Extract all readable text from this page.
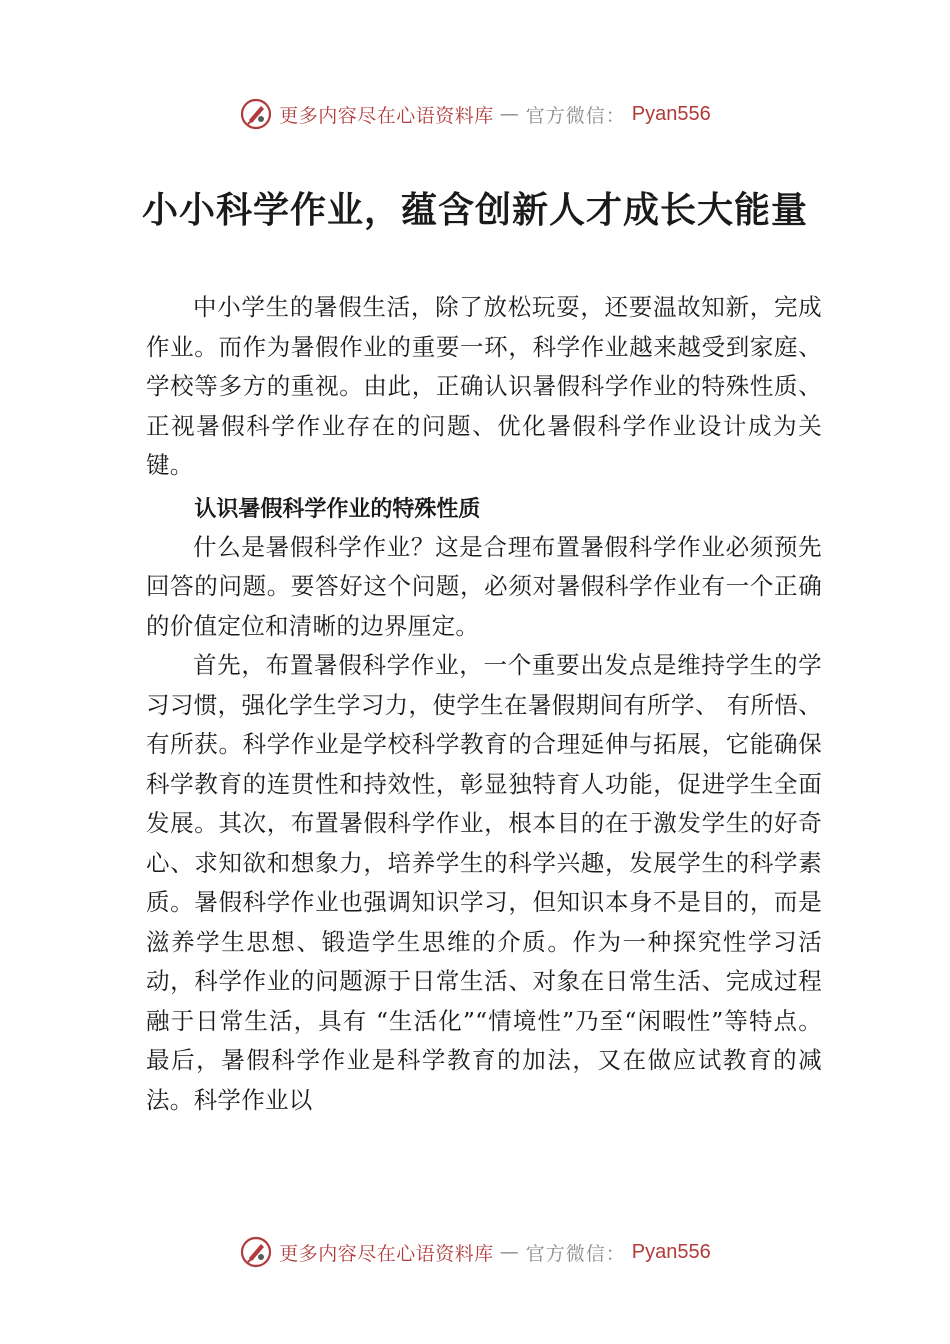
更多内容尽在心语资料库 — 官方微信： Pyan556
小小科学作业，蕴含创新人才成长大能量

中小学生的暑假生活，除了放松玩耍，还要温故知新，完成作业。而作为暑假作业的重要一环，科学作业越来越受到家庭、学校等多方的重视。由此，正确认识暑假科学作业的特殊性质、正视暑假科学作业存在的问题、优化暑假科学作业设计成为关键。

认识暑假科学作业的特殊性质

什么是暑假科学作业？这是合理布置暑假科学作业必须预先回答的问题。要答好这个问题，必须对暑假科学作业有一个正确的价值定位和清晰的边界厘定。

首先，布置暑假科学作业，一个重要出发点是维持学生的学习习惯，强化学生学习力，使学生在暑假期间有所学、 有所悟、有所获。科学作业是学校科学教育的合理延伸与拓展，它能确保科学教育的连贯性和持效性，彰显独特育人功能，促进学生全面发展。其次，布置暑假科学作业，根本目的在于激发学生的好奇心、求知欲和想象力，培养学生的科学兴趣，发展学生的科学素质。暑假科学作业也强调知识学习，但知识本身不是目的，而是滋养学生思想、锻造学生思维的介质。作为一种探究性学习活动，科学作业的问题源于日常生活、对象在日常生活、完成过程融于日常生活，具有 “生活化”“情境性”乃至“闲暇性”等特点。最后，暑假科学作业是科学教育的加法，又在做应试教育的减法。科学作业以

更多内容尽在心语资料库 — 官方微信： Pyan556
